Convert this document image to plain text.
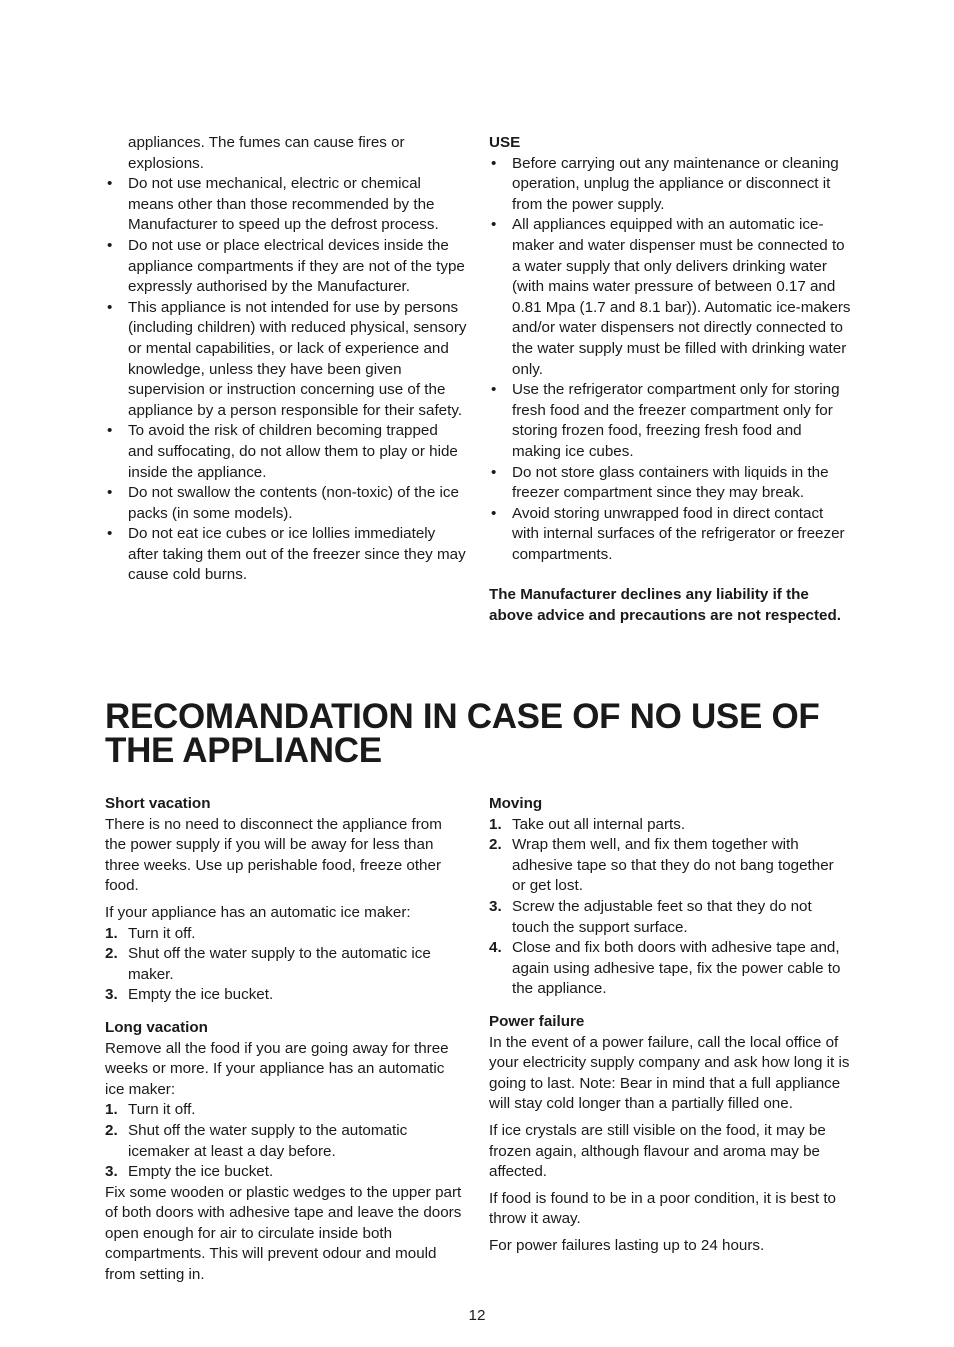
appliances. The fumes can cause fires or explosions.

• Do not use mechanical, electric or chemical means other than those recommended by the Manufacturer to speed up the defrost process.
• Do not use or place electrical devices inside the appliance compartments if they are not of the type expressly authorised by the Manufacturer.
• This appliance is not intended for use by persons (including children) with reduced physical, sensory or mental capabilities, or lack of experience and knowledge, unless they have been given supervision or instruction concerning use of the appliance by a person responsible for their safety.
• To avoid the risk of children becoming trapped and suffocating, do not allow them to play or hide inside the appliance.
• Do not swallow the contents (non-toxic) of the ice packs (in some models).
• Do not eat ice cubes or ice lollies immediately after taking them out of the freezer since they may cause cold burns.
USE
• Before carrying out any maintenance or cleaning operation, unplug the appliance or disconnect it from the power supply.
• All appliances equipped with an automatic ice-maker and water dispenser must be connected to a water supply that only delivers drinking water (with mains water pressure of between 0.17 and 0.81 Mpa (1.7 and 8.1 bar)). Automatic ice-makers and/or water dispensers not directly connected to the water supply must be filled with drinking water only.
• Use the refrigerator compartment only for storing fresh food and the freezer compartment only for storing frozen food, freezing fresh food and making ice cubes.
• Do not store glass containers with liquids in the freezer compartment since they may break.
• Avoid storing unwrapped food in direct contact with internal surfaces of the refrigerator or freezer compartments.

The Manufacturer declines any liability if the above advice and precautions are not respected.

RECOMANDATION IN CASE OF NO USE OF THE APPLIANCE
Short vacation

There is no need to disconnect the appliance from the power supply if you will be away for less than three weeks. Use up perishable food, freeze other food.

If your appliance has an automatic ice maker:

1. Turn it off.
2. Shut off the water supply to the automatic ice maker.
3. Empty the ice bucket.
Long vacation

Remove all the food if you are going away for three weeks or more. If your appliance has an automatic ice maker:

1. Turn it off.
2. Shut off the water supply to the automatic icemaker at least a day before.
3. Empty the ice bucket.

Fix some wooden or plastic wedges to the upper part of both doors with adhesive tape and leave the doors open enough for air to circulate inside both compartments. This will prevent odour and mould from setting in.

Moving
1. Take out all internal parts.
2. Wrap them well, and fix them together with adhesive tape so that they do not bang together or get lost.
3. Screw the adjustable feet so that they do not touch the support surface.
4. Close and fix both doors with adhesive tape and, again using adhesive tape, fix the power cable to the appliance.
Power failure

In the event of a power failure, call the local office of your electricity supply company and ask how long it is going to last. Note: Bear in mind that a full appliance will stay cold longer than a partially filled one.

If ice crystals are still visible on the food, it may be frozen again, although flavour and aroma may be affected.

If food is found to be in a poor condition, it is best to throw it away.

For power failures lasting up to 24 hours.

12
